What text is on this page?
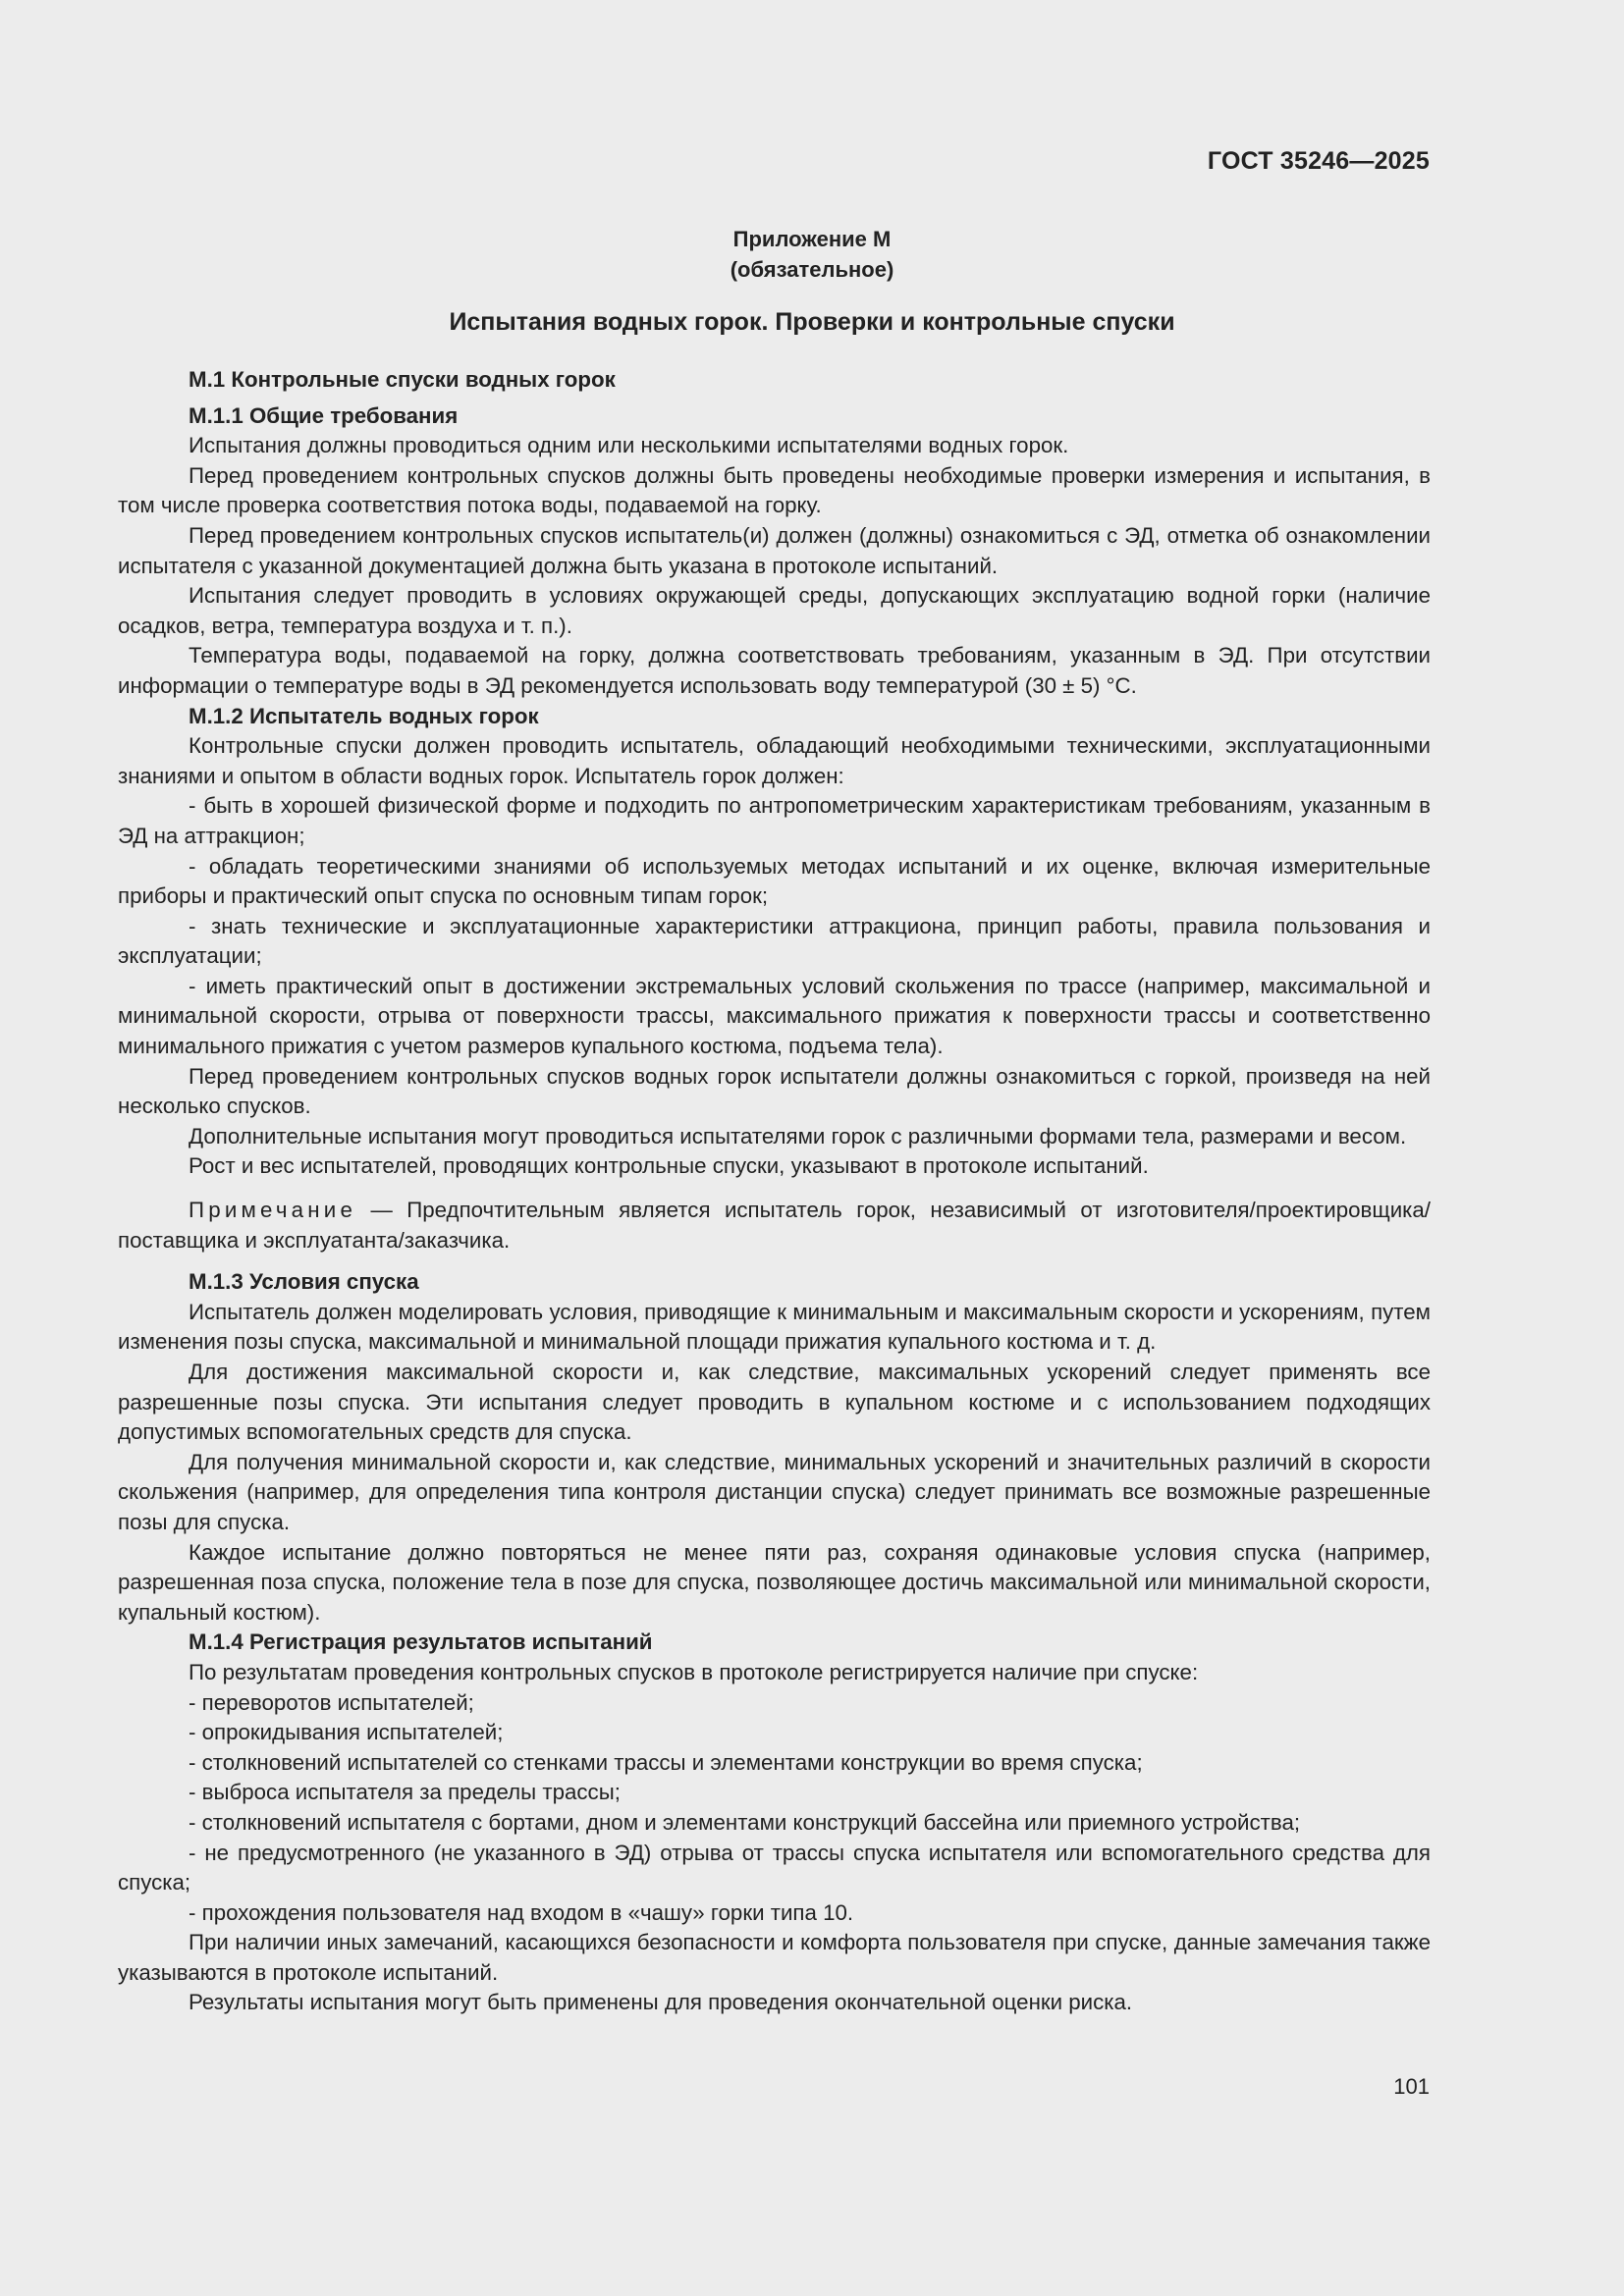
ГОСТ 35246—2025
Приложение М
(обязательное)
Испытания водных горок. Проверки и контрольные спуски

М.1 Контрольные спуски водных горок

М.1.1 Общие требования

Испытания должны проводиться одним или несколькими испытателями водных горок.

Перед проведением контрольных спусков должны быть проведены необходимые проверки измерения и испытания, в том числе проверка соответствия потока воды, подаваемой на горку.

Перед проведением контрольных спусков испытатель(и) должен (должны) ознакомиться с ЭД, отметка об ознакомлении испытателя с указанной документацией должна быть указана в протоколе испытаний.

Испытания следует проводить в условиях окружающей среды, допускающих эксплуатацию водной горки (наличие осадков, ветра, температура воздуха и т. п.).

Температура воды, подаваемой на горку, должна соответствовать требованиям, указанным в ЭД. При отсутствии информации о температуре воды в ЭД рекомендуется использовать воду температурой (30 ± 5) °C.

М.1.2 Испытатель водных горок

Контрольные спуски должен проводить испытатель, обладающий необходимыми техническими, эксплуатационными знаниями и опытом в области водных горок. Испытатель горок должен:

- быть в хорошей физической форме и подходить по антропометрическим характеристикам требованиям, указанным в ЭД на аттракцион;

- обладать теоретическими знаниями об используемых методах испытаний и их оценке, включая измерительные приборы и практический опыт спуска по основным типам горок;

- знать технические и эксплуатационные характеристики аттракциона, принцип работы, правила пользования и эксплуатации;

- иметь практический опыт в достижении экстремальных условий скольжения по трассе (например, максимальной и минимальной скорости, отрыва от поверхности трассы, максимального прижатия к поверхности трассы и соответственно минимального прижатия с учетом размеров купального костюма, подъема тела).

Перед проведением контрольных спусков водных горок испытатели должны ознакомиться с горкой, произведя на ней несколько спусков.

Дополнительные испытания могут проводиться испытателями горок с различными формами тела, размерами и весом.

Рост и вес испытателей, проводящих контрольные спуски, указывают в протоколе испытаний.

Примечание — Предпочтительным является испытатель горок, независимый от изготовителя/проектировщика/поставщика и эксплуатанта/заказчика.

М.1.3 Условия спуска

Испытатель должен моделировать условия, приводящие к минимальным и максимальным скорости и ускорениям, путем изменения позы спуска, максимальной и минимальной площади прижатия купального костюма и т. д.

Для достижения максимальной скорости и, как следствие, максимальных ускорений следует применять все разрешенные позы спуска. Эти испытания следует проводить в купальном костюме и с использованием подходящих допустимых вспомогательных средств для спуска.

Для получения минимальной скорости и, как следствие, минимальных ускорений и значительных различий в скорости скольжения (например, для определения типа контроля дистанции спуска) следует принимать все возможные разрешенные позы для спуска.

Каждое испытание должно повторяться не менее пяти раз, сохраняя одинаковые условия спуска (например, разрешенная поза спуска, положение тела в позе для спуска, позволяющее достичь максимальной или минимальной скорости, купальный костюм).

М.1.4 Регистрация результатов испытаний

По результатам проведения контрольных спусков в протоколе регистрируется наличие при спуске:

- переворотов испытателей;

- опрокидывания испытателей;

- столкновений испытателей со стенками трассы и элементами конструкции во время спуска;

- выброса испытателя за пределы трассы;

- столкновений испытателя с бортами, дном и элементами конструкций бассейна или приемного устройства;

- не предусмотренного (не указанного в ЭД) отрыва от трассы спуска испытателя или вспомогательного средства для спуска;

- прохождения пользователя над входом в «чашу» горки типа 10.

При наличии иных замечаний, касающихся безопасности и комфорта пользователя при спуске, данные замечания также указываются в протоколе испытаний.

Результаты испытания могут быть применены для проведения окончательной оценки риска.

101
